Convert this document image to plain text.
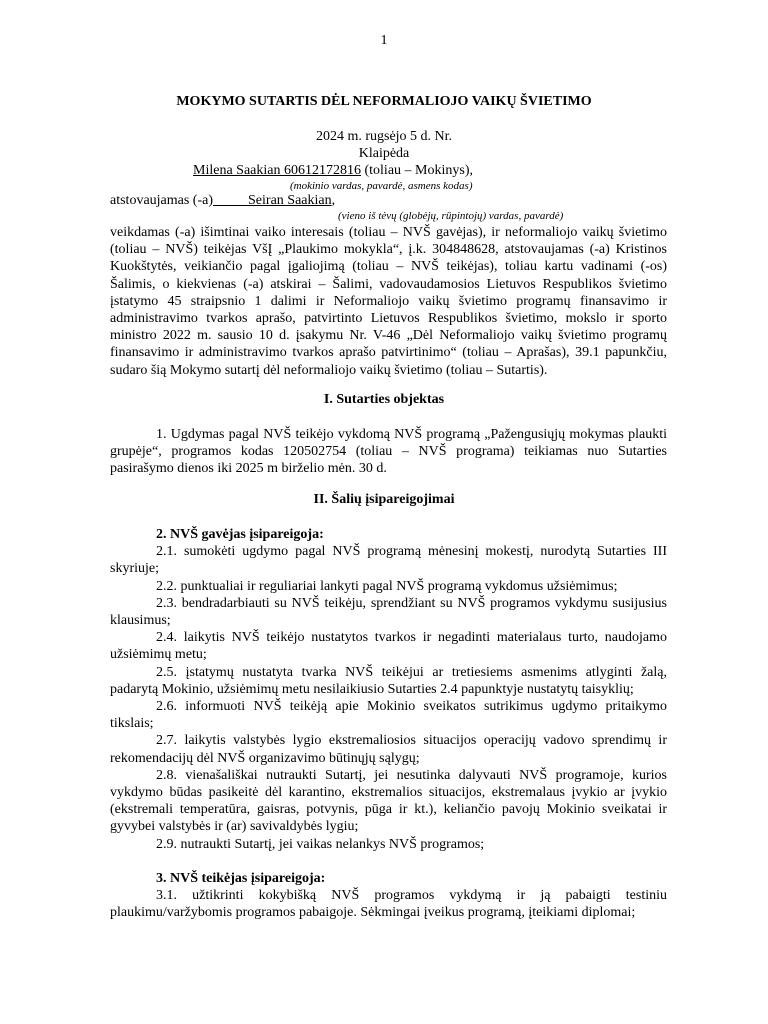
1
MOKYMO SUTARTIS DĖL NEFORMALIOJO VAIKŲ ŠVIETIMO
2024 m. rugsėjo 5 d. Nr.
Klaipėda
Milena Saakian 60612172816 (toliau – Mokinys),
(mokinio vardas, pavardė, asmens kodas)
atstovaujamas (-a)	Seiran Saakian,
(vieno iš tėvų (globėjų, rūpintojų) vardas, pavardė)

veikdamas (-a) išimtinai vaiko interesais (toliau – NVŠ gavėjas), ir neformaliojo vaikų švietimo (toliau – NVŠ) teikėjas VšĮ „Plaukimo mokykla“, į.k. 304848628, atstovaujamas (-a) Kristinos Kuokštytės, veikiančio pagal įgaliojimą (toliau – NVŠ teikėjas), toliau kartu vadinami (-os) Šalimis, o kiekvienas (-a) atskirai – Šalimi, vadovaudamosios Lietuvos Respublikos švietimo įstatymo 45 straipsnio 1 dalimi ir Neformaliojo vaikų švietimo programų finansavimo ir administravimo tvarkos aprašo, patvirtinto Lietuvos Respublikos švietimo, mokslo ir sporto ministro 2022 m. sausio 10 d. įsakymu Nr. V-46 „Dėl Neformaliojo vaikų švietimo programų finansavimo ir administravimo tvarkos aprašo patvirtinimo“ (toliau – Aprašas), 39.1 papunkčiu, sudaro šią Mokymo sutartį dėl neformaliojo vaikų švietimo (toliau – Sutartis).

I. Sutarties objektas

1. Ugdymas pagal NVŠ teikėjo vykdomą NVŠ programą „Pažengusiųjų mokymas plaukti grupėje“, programos kodas 120502754 (toliau – NVŠ programa) teikiamas nuo Sutarties pasirašymo dienos iki 2025 m birželio mėn. 30 d.

II. Šalių įsipareigojimai

2. NVŠ gavėjas įsipareigoja:

2.1. sumokėti ugdymo pagal NVŠ programą mėnesinį mokestį, nurodytą Sutarties III skyriuje;

2.2. punktualiai ir reguliariai lankyti pagal NVŠ programą vykdomus užsiėmimus;

2.3. bendradarbiauti su NVŠ teikėju, sprendžiant su NVŠ programos vykdymu susijusius klausimus;

2.4. laikytis NVŠ teikėjo nustatytos tvarkos ir negadinti materialaus turto, naudojamo užsiėmimų metu;

2.5. įstatymų nustatyta tvarka NVŠ teikėjui ar tretiesiems asmenims atlyginti žalą, padarytą Mokinio, užsiėmimų metu nesilaikiusio Sutarties 2.4 papunktyje nustatytų taisyklių;

2.6. informuoti NVŠ teikėją apie Mokinio sveikatos sutrikimus ugdymo pritaikymo tikslais;

2.7. laikytis valstybės lygio ekstremaliosios situacijos operacijų vadovo sprendimų ir rekomendacijų dėl NVŠ organizavimo būtinųjų sąlygų;

2.8. vienašališkai nutraukti Sutartį, jei nesutinka dalyvauti NVŠ programoje, kurios vykdymo būdas pasikeitė dėl karantino, ekstremalios situacijos, ekstremalaus įvykio ar įvykio (ekstremali temperatūra, gaisras, potvynis, pūga ir kt.), keliančio pavojų Mokinio sveikatai ir gyvybei valstybės ir (ar) savivaldybės lygiu;

2.9. nutraukti Sutartį, jei vaikas nelankys NVŠ programos;

3. NVŠ teikėjas įsipareigoja:

3.1. užtikrinti kokybišką NVŠ programos vykdymą ir ją pabaigti testiniu plaukimu/varžybomis programos pabaigoje. Sėkmingai įveikus programą, įteikiami diplomai;
